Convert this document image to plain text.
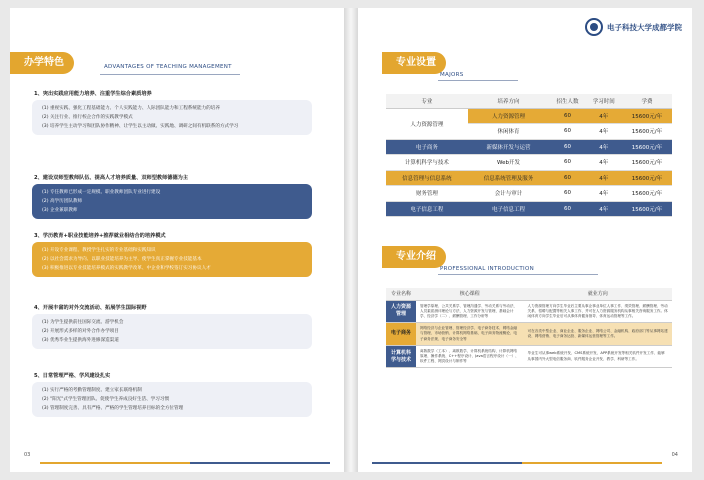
办学特色	ADVANTAGES OF TEACHING MANAGEMENT
1、突出实践应用能力培养、注重学生综合素质培养
(1) 重视实践、强化工程基础能力、个人实践能力、人际团队能力和工程系统能力的培养
(2) 关注行业、推行校企合作的实践教学模式
(3) 培养学生主动学习和团队协作精神、让学生以主动做、实践地、调研之间有机联系的方式学习
2、建设双师型教师队伍、提高人才培养质量、双师型教师德德为主
(1) 专任教师已形成一定规模、职业教师团队专业进行建设
(2) 高学历团队教师
(3) 企业兼职教师
3、学历教育+职业技能培养+推荐就业相结合的培养模式
(1) 开设专业课程、教授学生扎实的专业基础和实践知识
(2) 以社会需求为导向、以职业技能培养为主导、使学生真正掌握专业技能基本
(3) 积极推进以专业技能培养模式的实践教学改革、中企业和学校签订实习协议人才
4、开展丰富的对外交流活动、拓展学生国际视野
(1) 为学生提供前往国际交流、游学机会
(2) 开展形式多样的对外合作办学项目
(3) 优秀毕业生提供海外进修深造渠道
5、日常管理严格、学风建设扎实
(1) 实行严格的考勤管理制度、建立家长联络机制
(2) "阳光"式学生管理团队、促使学生养成良好生活、学习习惯
(3) 管理制度完善、具有严格、严格的学生管理培养目标的全方位管理
03
电子科技大学成都学院
专业设置
MAJORS
专业	培养方向	招生人数	学习时间	学费
人力资源管理	人力资源管理	60	4年	15600元/年
	休闲体育	60	4年	15600元/年
电子商务	新媒体开发与运营	60	4年	15600元/年
计算机科学与技术	Web开发	60	4年	15600元/年
信息管理与信息系统	信息系统管理及服务	60	4年	15600元/年
财务管理	会计与审计	60	4年	15600元/年
电子信息工程	电子信息工程	60	4年	15600元/年
专业介绍
PROFESSIONAL INTRODUCTION
专业名称	核心课程	就业方向
人力资源管理	管理学原理、公共关系学、管理沟通学、劳动关系与劳动法、人员素质测评理论与方法、人力资源开发与管理、基础会计学、经济学（二）、薪酬管理、工作分析等	人力资源管理方向学生毕业后主要从事企事业单位人事工作、绩效管理、薪酬管理、劳动关系、招聘与配置等相关人事工作、并可在人力资源服务机构从事相关咨询服务工作。休闲体育方向学生毕业后可从事体育健身指导、体育运动管理等工作。
电子商务	网络经济与企业管理、管理经济学、电子商务技术、网络金融与管理、市场营销、计算机网络基础、电子商务物流概论、电子商务法规、电子商务安全等	可在各类中型企业、商业企业、服务企业、网络公司、金融机构、政府部门等从事网站建设、网络营销、电子商务运营、新媒体运营管理等工作。
计算机科学与技术	离散数学（工本）、离散数学、计算机系统结构、计算机网络原理、操作系统、C++程序设计、Java语言程序设计（一）、软件工程、网页设计与制作等	毕业生可从事web系统开发、CMS系统开发、APP系统开发等相关软件开发工作、能够从事国内外大型电信服务商、软件服务企业开发、教学、科研等工作。
04
